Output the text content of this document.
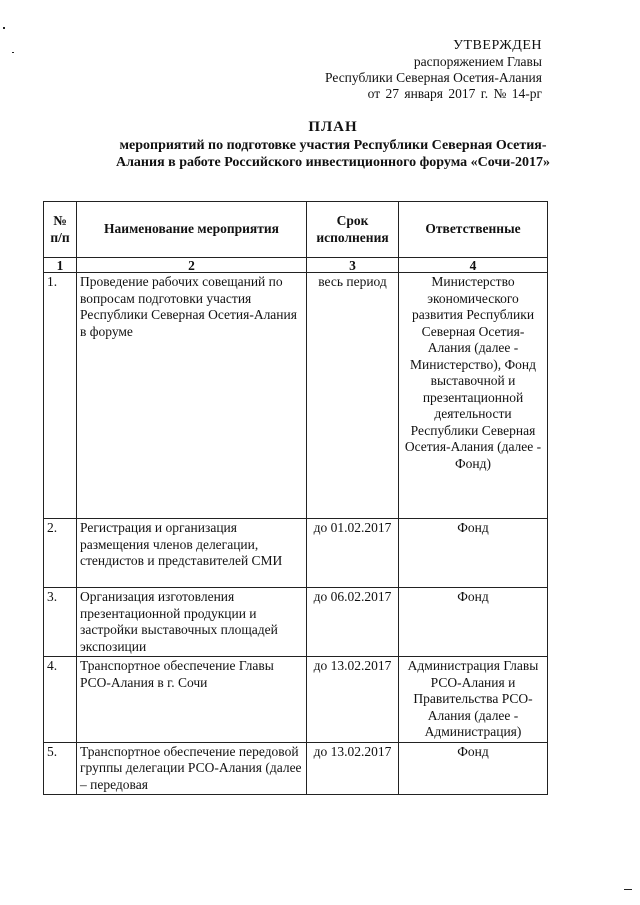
УТВЕРЖДЕН
распоряжением Главы
Республики Северная Осетия-Алания
от 27 января 2017 г. № 14-рг
ПЛАН
мероприятий по подготовке участия Республики Северная Осетия-Алания в работе Российского инвестиционного форума «Сочи-2017»
№ п/п	Наименование мероприятия	Срок исполнения	Ответственные
1	2	3	4
1.	Проведение рабочих совещаний по вопросам подготовки участия Республики Северная Осетия-Алания в форуме	весь период	Министерство экономического развития Республики Северная Осетия-Алания (далее - Министерство), Фонд выставочной и презентационной деятельности Республики Северная Осетия-Алания (далее - Фонд)
2.	Регистрация и организация размещения членов делегации, стендистов и представителей СМИ	до 01.02.2017	Фонд
3.	Организация изготовления презентационной продукции и застройки выставочных площадей экспозиции	до 06.02.2017	Фонд
4.	Транспортное обеспечение Главы РСО-Алания в г. Сочи	до 13.02.2017	Администрация Главы РСО-Алания и Правительства РСО-Алания (далее - Администрация)
5.	Транспортное обеспечение передовой группы делегации РСО-Алания (далее – передовая	до 13.02.2017	Фонд
